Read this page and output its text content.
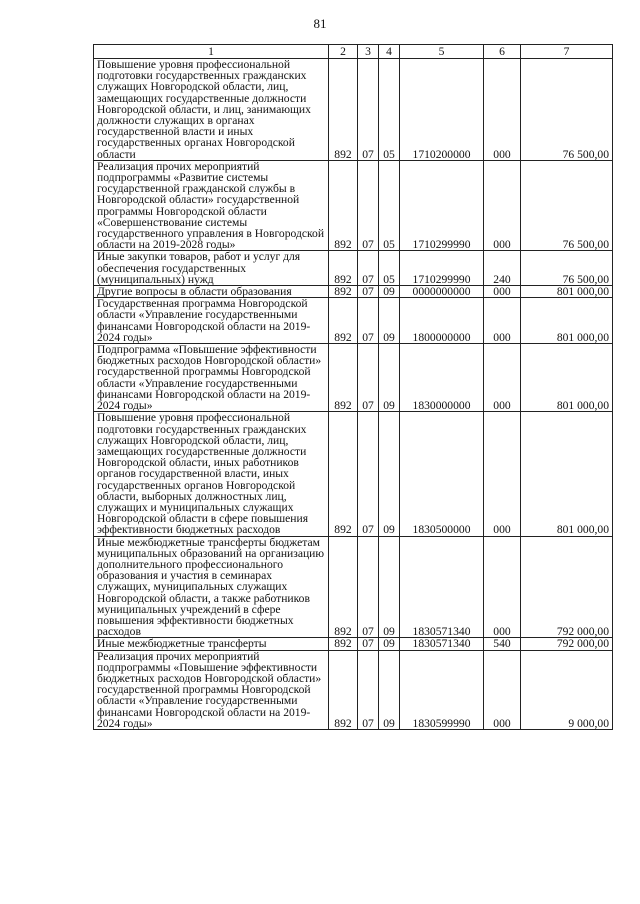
81
1	2	3	4	5	6	7
Повышение уровня профессиональной подготовки государственных гражданских служащих Новгородской области, лиц, замещающих государственные должности Новгородской области, и лиц, занимающих должности служащих в органах государственной власти и иных государственных органах Новгородской области	892	07	05	1710200000	000	76 500,00
Реализация прочих мероприятий подпрограммы «Развитие системы государственной гражданской службы в Новгородской области» государственной программы Новгородской области «Совершенствование системы государственного управления в Новгородской области на 2019-2028 годы»	892	07	05	1710299990	000	76 500,00
Иные закупки товаров, работ и услуг для обеспечения государственных (муниципальных) нужд	892	07	05	1710299990	240	76 500,00
Другие вопросы в области образования	892	07	09	0000000000	000	801 000,00
Государственная программа Новгородской области «Управление государственными финансами Новгородской области на 2019-2024 годы»	892	07	09	1800000000	000	801 000,00
Подпрограмма «Повышение эффективности бюджетных расходов Новгородской области» государственной программы Новгородской области «Управление государственными финансами Новгородской области на 2019-2024 годы»	892	07	09	1830000000	000	801 000,00
Повышение уровня профессиональной подготовки государственных гражданских служащих Новгородской области, лиц, замещающих государственные должности Новгородской области, иных работников органов государственной власти, иных государственных органов Новгородской области, выборных должностных лиц, служащих и муниципальных служащих Новгородской области в сфере повышения эффективности бюджетных расходов	892	07	09	1830500000	000	801 000,00
Иные межбюджетные трансферты бюджетам муниципальных образований на организацию дополнительного профессионального образования и участия в семинарах служащих, муниципальных служащих Новгородской области, а также работников муниципальных учреждений в сфере повышения эффективности бюджетных расходов	892	07	09	1830571340	000	792 000,00
Иные межбюджетные трансферты	892	07	09	1830571340	540	792 000,00
Реализация прочих мероприятий подпрограммы «Повышение эффективности бюджетных расходов Новгородской области» государственной программы Новгородской области «Управление государственными финансами Новгородской области на 2019-2024 годы»	892	07	09	1830599990	000	9 000,00
